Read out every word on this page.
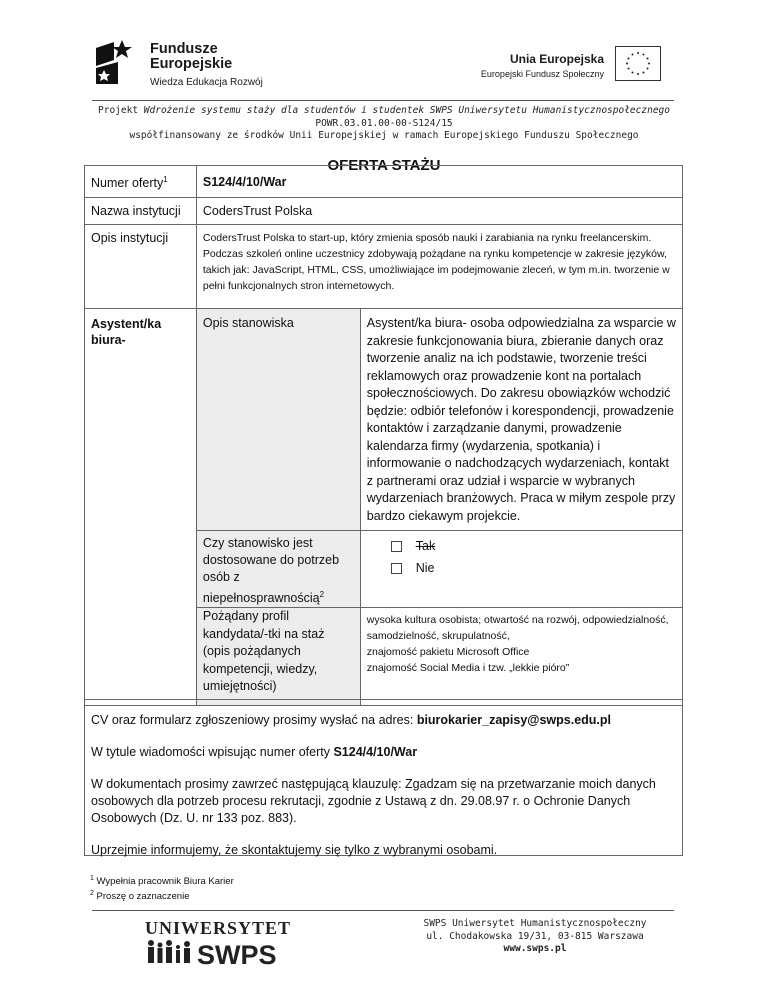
Fundusze
Europejskie
Wiedza Edukacja Rozwój
Unia Europejska
Europejski Fundusz Społeczny
Projekt Wdrożenie systemu staży dla studentów i studentek SWPS Uniwersytetu Humanistycznospołecznego
POWR.03.01.00-00-S124/15
współfinansowany ze środków Unii Europejskiej w ramach Europejskiego Funduszu Społecznego
OFERTA STAŻU
Numer oferty$^1$	S124/4/10/War	
Nazwa instytucji	CodersTrust Polska	
Opis instytucji	CodersTrust Polska to start-up, który zmienia sposób nauki i zarabiania na rynku freelancerskim. Podczas szkoleń online uczestnicy zdobywają pożądane na rynku kompetencje w zakresie języków, takich jak: JavaScript, HTML, CSS, umożliwiające im podejmowanie zleceń, w tym m.in. tworzenie w pełni funkcjonalnych stron internetowych.	
Asystent/ka biura-	Opis stanowiska	Asystent/ka biura- osoba odpowiedzialna za wsparcie w zakresie funkcjonowania biura, zbieranie danych oraz tworzenie analiz na ich podstawie, tworzenie treści reklamowych oraz prowadzenie kont na portalach społecznościowych. Do zakresu obowiązków wchodzić będzie: odbiór telefonów i korespondencji, prowadzenie kontaktów i zarządzanie danymi, prowadzenie kalendarza firmy (wydarzenia, spotkania) i informowanie o nadchodzących wydarzeniach, kontakt z partnerami oraz udział i wsparcie w wybranych wydarzeniach branżowych. Praca w miłym zespole przy bardzo ciekawym projekcie.
	Czy stanowisko jest dostosowane do potrzeb osób z niepełnosprawnością$^2$	Tak
Nie

	Pożądany profil kandydata/-tki na staż (opis pożądanych kompetencji, wiedzy, umiejętności)	wysoka kultura osobista; otwartość na rozwój, odpowiedzialność, samodzielność, skrupulatność,
znajomość pakietu Microsoft Office
znajomość Social Media i tzw. „lekkie pióro”

CV oraz formularz zgłoszeniowy prosimy wysłać na adres: biurokarier_zapisy@swps.edu.pl

W tytule wiadomości wpisując numer oferty S124/4/10/War

W dokumentach prosimy zawrzeć następującą klauzulę: Zgadzam się na przetwarzanie moich danych osobowych dla potrzeb procesu rekrutacji, zgodnie z Ustawą z dn. 29.08.97 r. o Ochronie Danych Osobowych (Dz. U. nr 133 poz. 883).

Uprzejmie informujemy, że skontaktujemy się tylko z wybranymi osobami.

$^1$ Wypełnia pracownik Biura Karier
$^2$ Proszę o zaznaczenie
UNIWERSYTET
SWPS
SWPS Uniwersytet Humanistycznospołeczny
ul. Chodakowska 19/31, 03-815 Warszawa
www.swps.pl
